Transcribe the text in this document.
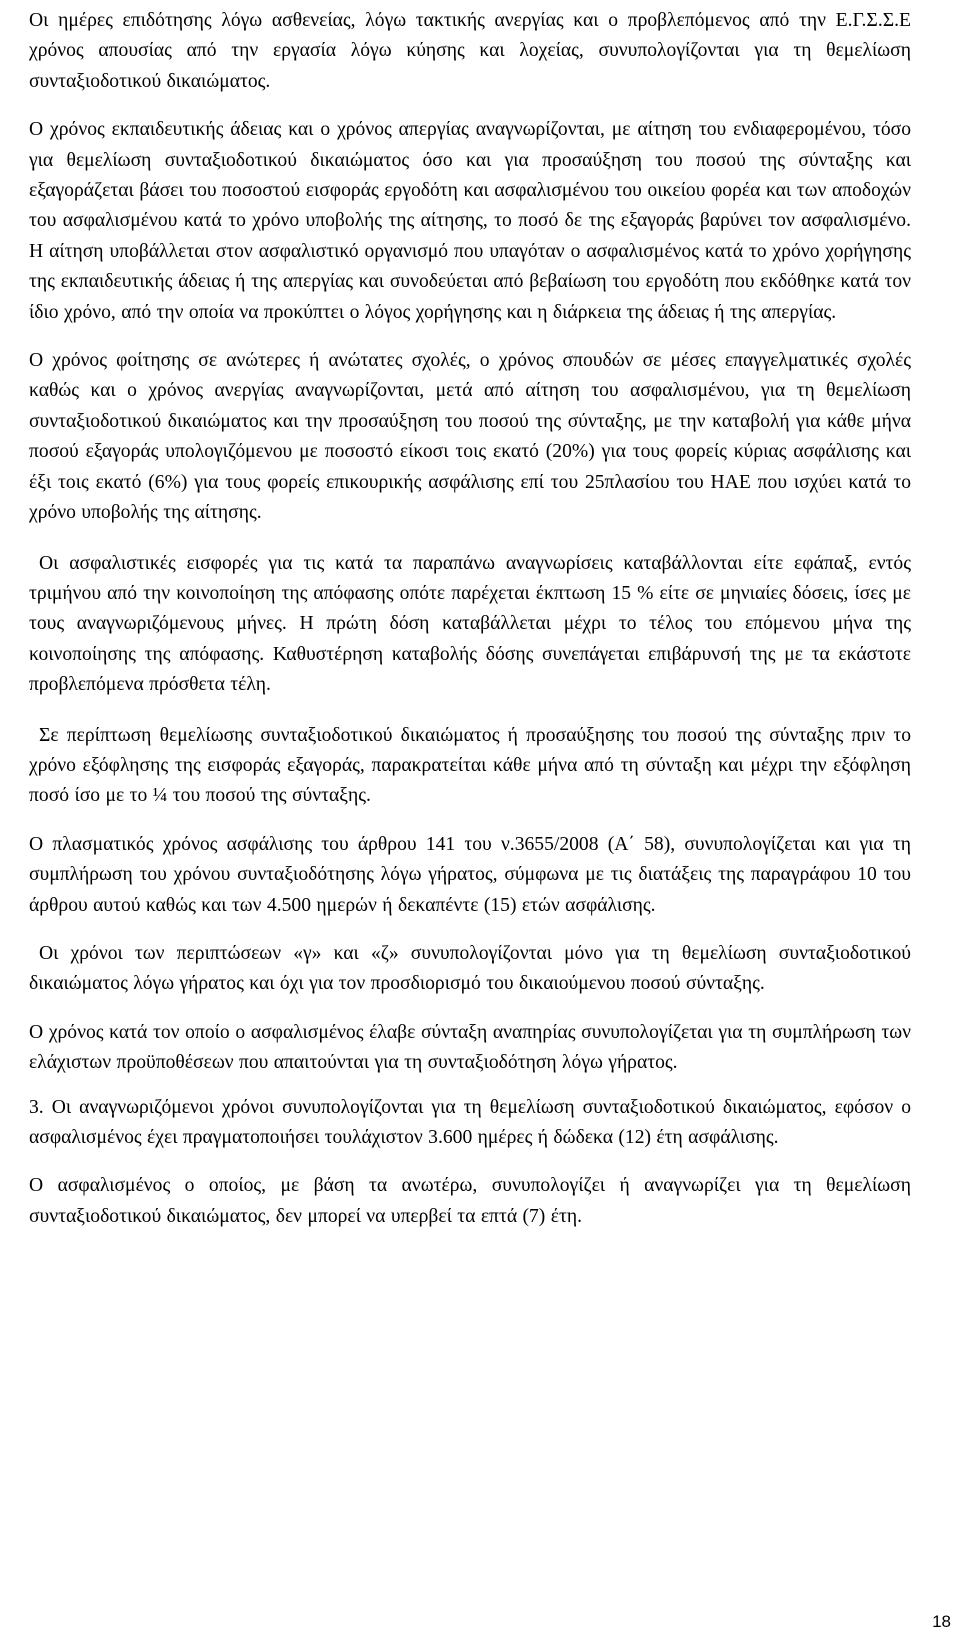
Οι ημέρες επιδότησης λόγω ασθενείας, λόγω τακτικής ανεργίας και ο προβλεπόμενος από την Ε.Γ.Σ.Σ.Ε χρόνος απουσίας από την εργασία λόγω κύησης και λοχείας, συνυπολογίζονται για τη θεμελίωση συνταξιοδοτικού δικαιώματος.

Ο χρόνος εκπαιδευτικής άδειας και ο χρόνος απεργίας αναγνωρίζονται, με αίτηση του ενδιαφερομένου, τόσο για θεμελίωση συνταξιοδοτικού δικαιώματος όσο και για προσαύξηση του ποσού της σύνταξης και εξαγοράζεται βάσει του ποσοστού εισφοράς εργοδότη και ασφαλισμένου του οικείου φορέα και των αποδοχών του ασφαλισμένου κατά το χρόνο υποβολής της αίτησης, το ποσό δε της εξαγοράς βαρύνει τον ασφαλισμένο. Η αίτηση υποβάλλεται στον ασφαλιστικό οργανισμό που υπαγόταν ο ασφαλισμένος κατά το χρόνο χορήγησης της εκπαιδευτικής άδειας ή της απεργίας και συνοδεύεται από βεβαίωση του εργοδότη που εκδόθηκε κατά τον ίδιο χρόνο, από την οποία να προκύπτει ο λόγος χορήγησης και η διάρκεια της άδειας ή της απεργίας.

Ο χρόνος φοίτησης σε ανώτερες ή ανώτατες σχολές, ο χρόνος σπουδών σε μέσες επαγγελματικές σχολές καθώς και ο χρόνος ανεργίας αναγνωρίζονται, μετά από αίτηση του ασφαλισμένου, για τη θεμελίωση συνταξιοδοτικού δικαιώματος και την προσαύξηση του ποσού της σύνταξης, με την καταβολή για κάθε μήνα ποσού εξαγοράς υπολογιζόμενου με ποσοστό είκοσι τοις εκατό (20%) για τους φορείς κύριας ασφάλισης και έξι τοις εκατό (6%) για τους φορείς επικουρικής ασφάλισης επί του 25πλασίου του ΗΑΕ που ισχύει κατά το χρόνο υποβολής της αίτησης.

Οι ασφαλιστικές εισφορές για τις κατά τα παραπάνω αναγνωρίσεις καταβάλλονται είτε εφάπαξ, εντός τριμήνου από την κοινοποίηση της απόφασης οπότε παρέχεται έκπτωση 15 % είτε σε μηνιαίες δόσεις, ίσες με τους αναγνωριζόμενους μήνες. Η πρώτη δόση καταβάλλεται μέχρι το τέλος του επόμενου μήνα της κοινοποίησης της απόφασης. Καθυστέρηση καταβολής δόσης συνεπάγεται επιβάρυνσή της με τα εκάστοτε προβλεπόμενα πρόσθετα τέλη.

Σε περίπτωση θεμελίωσης συνταξιοδοτικού δικαιώματος ή προσαύξησης του ποσού της σύνταξης πριν το χρόνο εξόφλησης της εισφοράς εξαγοράς, παρακρατείται κάθε μήνα από τη σύνταξη και μέχρι την εξόφληση ποσό ίσο με το ¼ του ποσού της σύνταξης.

Ο πλασματικός χρόνος ασφάλισης του άρθρου 141 του ν.3655/2008 (Α΄ 58), συνυπολογίζεται και για τη συμπλήρωση του χρόνου συνταξιοδότησης λόγω γήρατος, σύμφωνα με τις διατάξεις της παραγράφου 10 του άρθρου αυτού καθώς και των 4.500 ημερών ή δεκαπέντε (15) ετών ασφάλισης.

Οι χρόνοι των περιπτώσεων «γ» και «ζ» συνυπολογίζονται μόνο για τη θεμελίωση συνταξιοδοτικού δικαιώματος λόγω γήρατος και όχι για τον προσδιορισμό του δικαιούμενου ποσού σύνταξης.

Ο χρόνος κατά τον οποίο ο ασφαλισμένος έλαβε σύνταξη αναπηρίας συνυπολογίζεται για τη συμπλήρωση των ελάχιστων προϋποθέσεων που απαιτούνται για τη συνταξιοδότηση λόγω γήρατος.

3. Οι αναγνωριζόμενοι χρόνοι συνυπολογίζονται για τη θεμελίωση συνταξιοδοτικού δικαιώματος, εφόσον ο ασφαλισμένος έχει πραγματοποιήσει τουλάχιστον 3.600 ημέρες ή δώδεκα (12) έτη ασφάλισης.

Ο ασφαλισμένος ο οποίος, με βάση τα ανωτέρω, συνυπολογίζει ή αναγνωρίζει για τη θεμελίωση συνταξιοδοτικού δικαιώματος, δεν μπορεί να υπερβεί τα επτά (7) έτη.

18
